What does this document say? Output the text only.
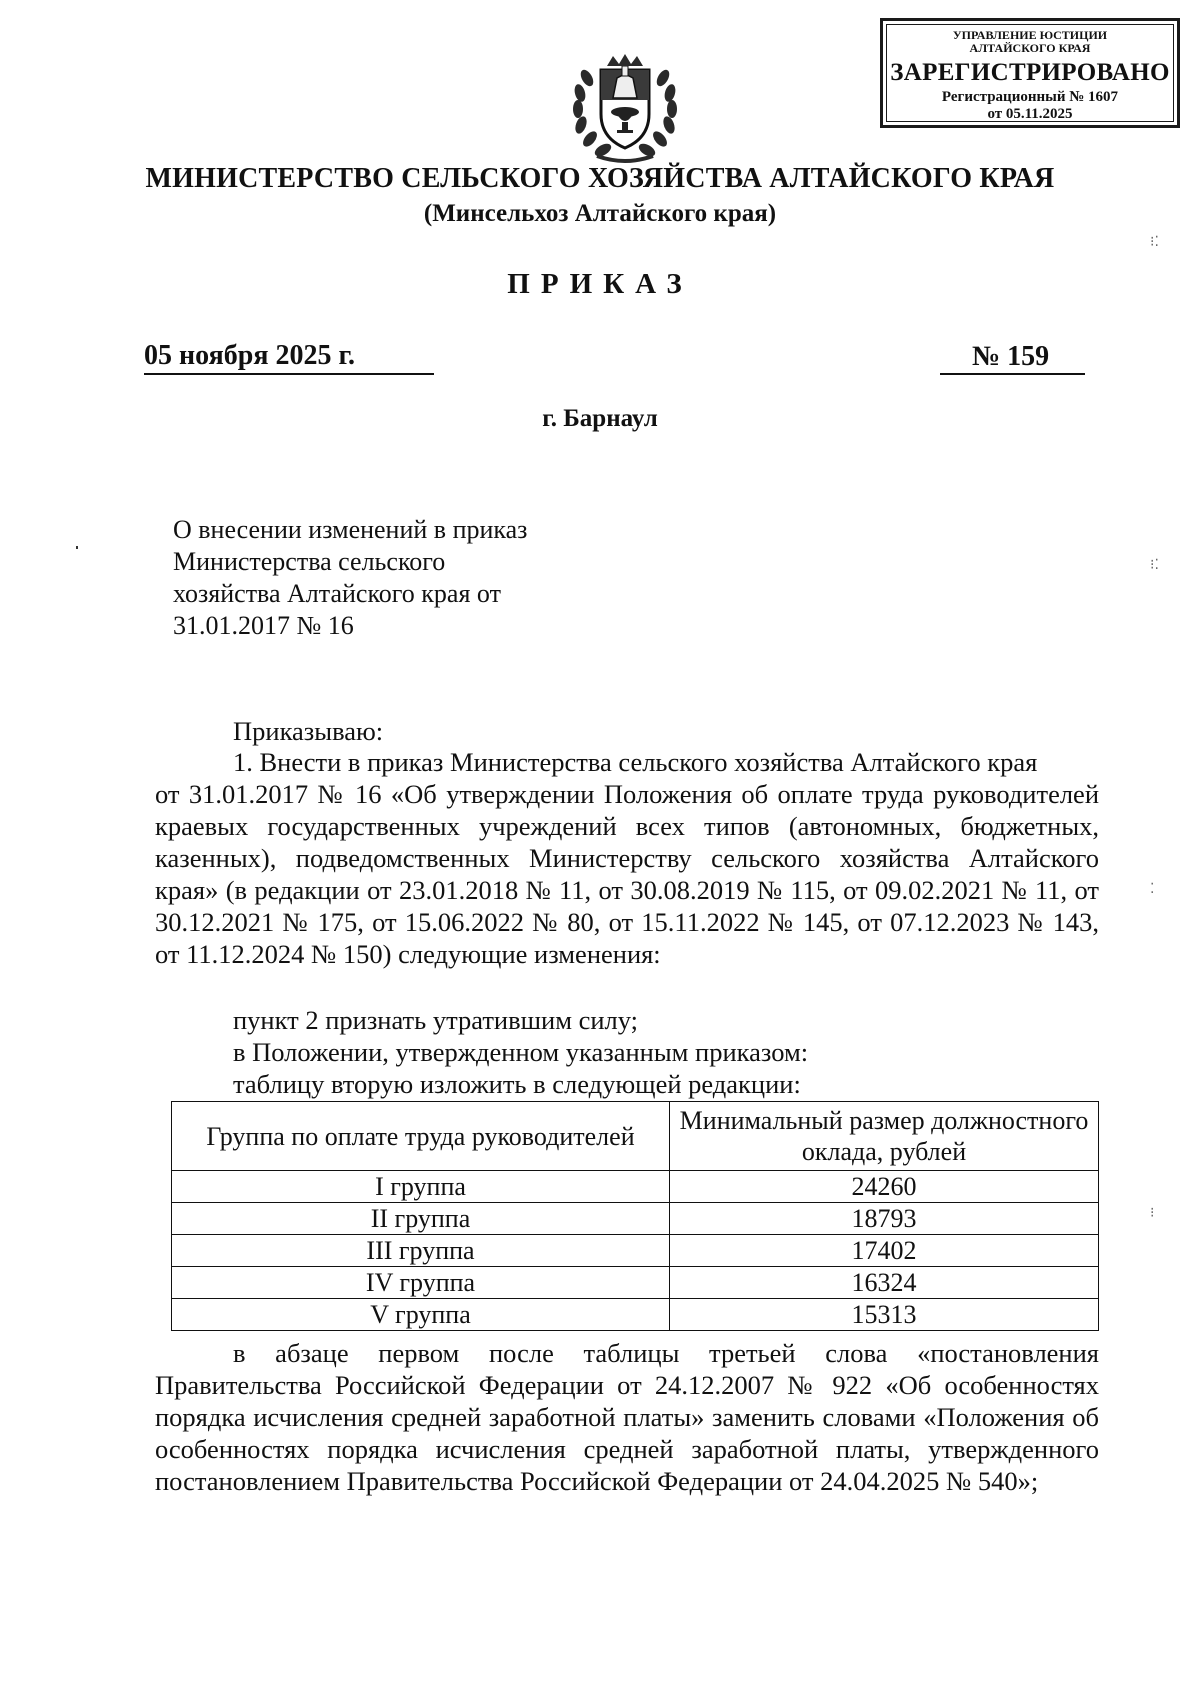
УПРАВЛЕНИЕ ЮСТИЦИИ
АЛТАЙСКОГО КРАЯ
ЗАРЕГИСТРИРОВАНО
Регистрационный № 1607
от 05.11.2025
МИНИСТЕРСТВО СЕЛЬСКОГО ХОЗЯЙСТВА АЛТАЙСКОГО КРАЯ
(Минсельхоз Алтайского края)
ПРИКАЗ
05 ноября 2025 г.	№ 159
г. Барнаул
О внесении изменений в приказ
Министерства сельского
хозяйства Алтайского края от
31.01.2017 № 16
Приказываю:
1. Внести в приказ Министерства сельского хозяйства Алтайского края
от 31.01.2017 № 16 «Об утверждении Положения об оплате труда руководителей краевых государственных учреждений всех типов (автономных, бюджетных, казенных), подведомственных Министерству сельского хозяйства Алтайского края» (в редакции от 23.01.2018 № 11, от 30.08.2019 № 115, от 09.02.2021 № 11, от 30.12.2021 № 175, от 15.06.2022 № 80, от 15.11.2022 № 145, от 07.12.2023 № 143, от 11.12.2024 № 150) следующие изменения:
пункт 2 признать утратившим силу;
в Положении, утвержденном указанным приказом:
таблицу вторую изложить в следующей редакции:
Группа по оплате труда руководителей	Минимальный размер должностного оклада, рублей
I группа	24260
II группа	18793
III группа	17402
IV группа	16324
V группа	15313
в абзаце первом после таблицы третьей слова «постановления Правительства Российской Федерации от 24.12.2007 № 922 «Об особенностях порядка исчисления средней заработной платы» заменить словами «Положения об особенностях порядка исчисления средней заработной платы, утвержденного постановлением Правительства Российской Федерации от 24.04.2025 № 540»;
⁝⁚
⁝⁚
⁚
⁝
